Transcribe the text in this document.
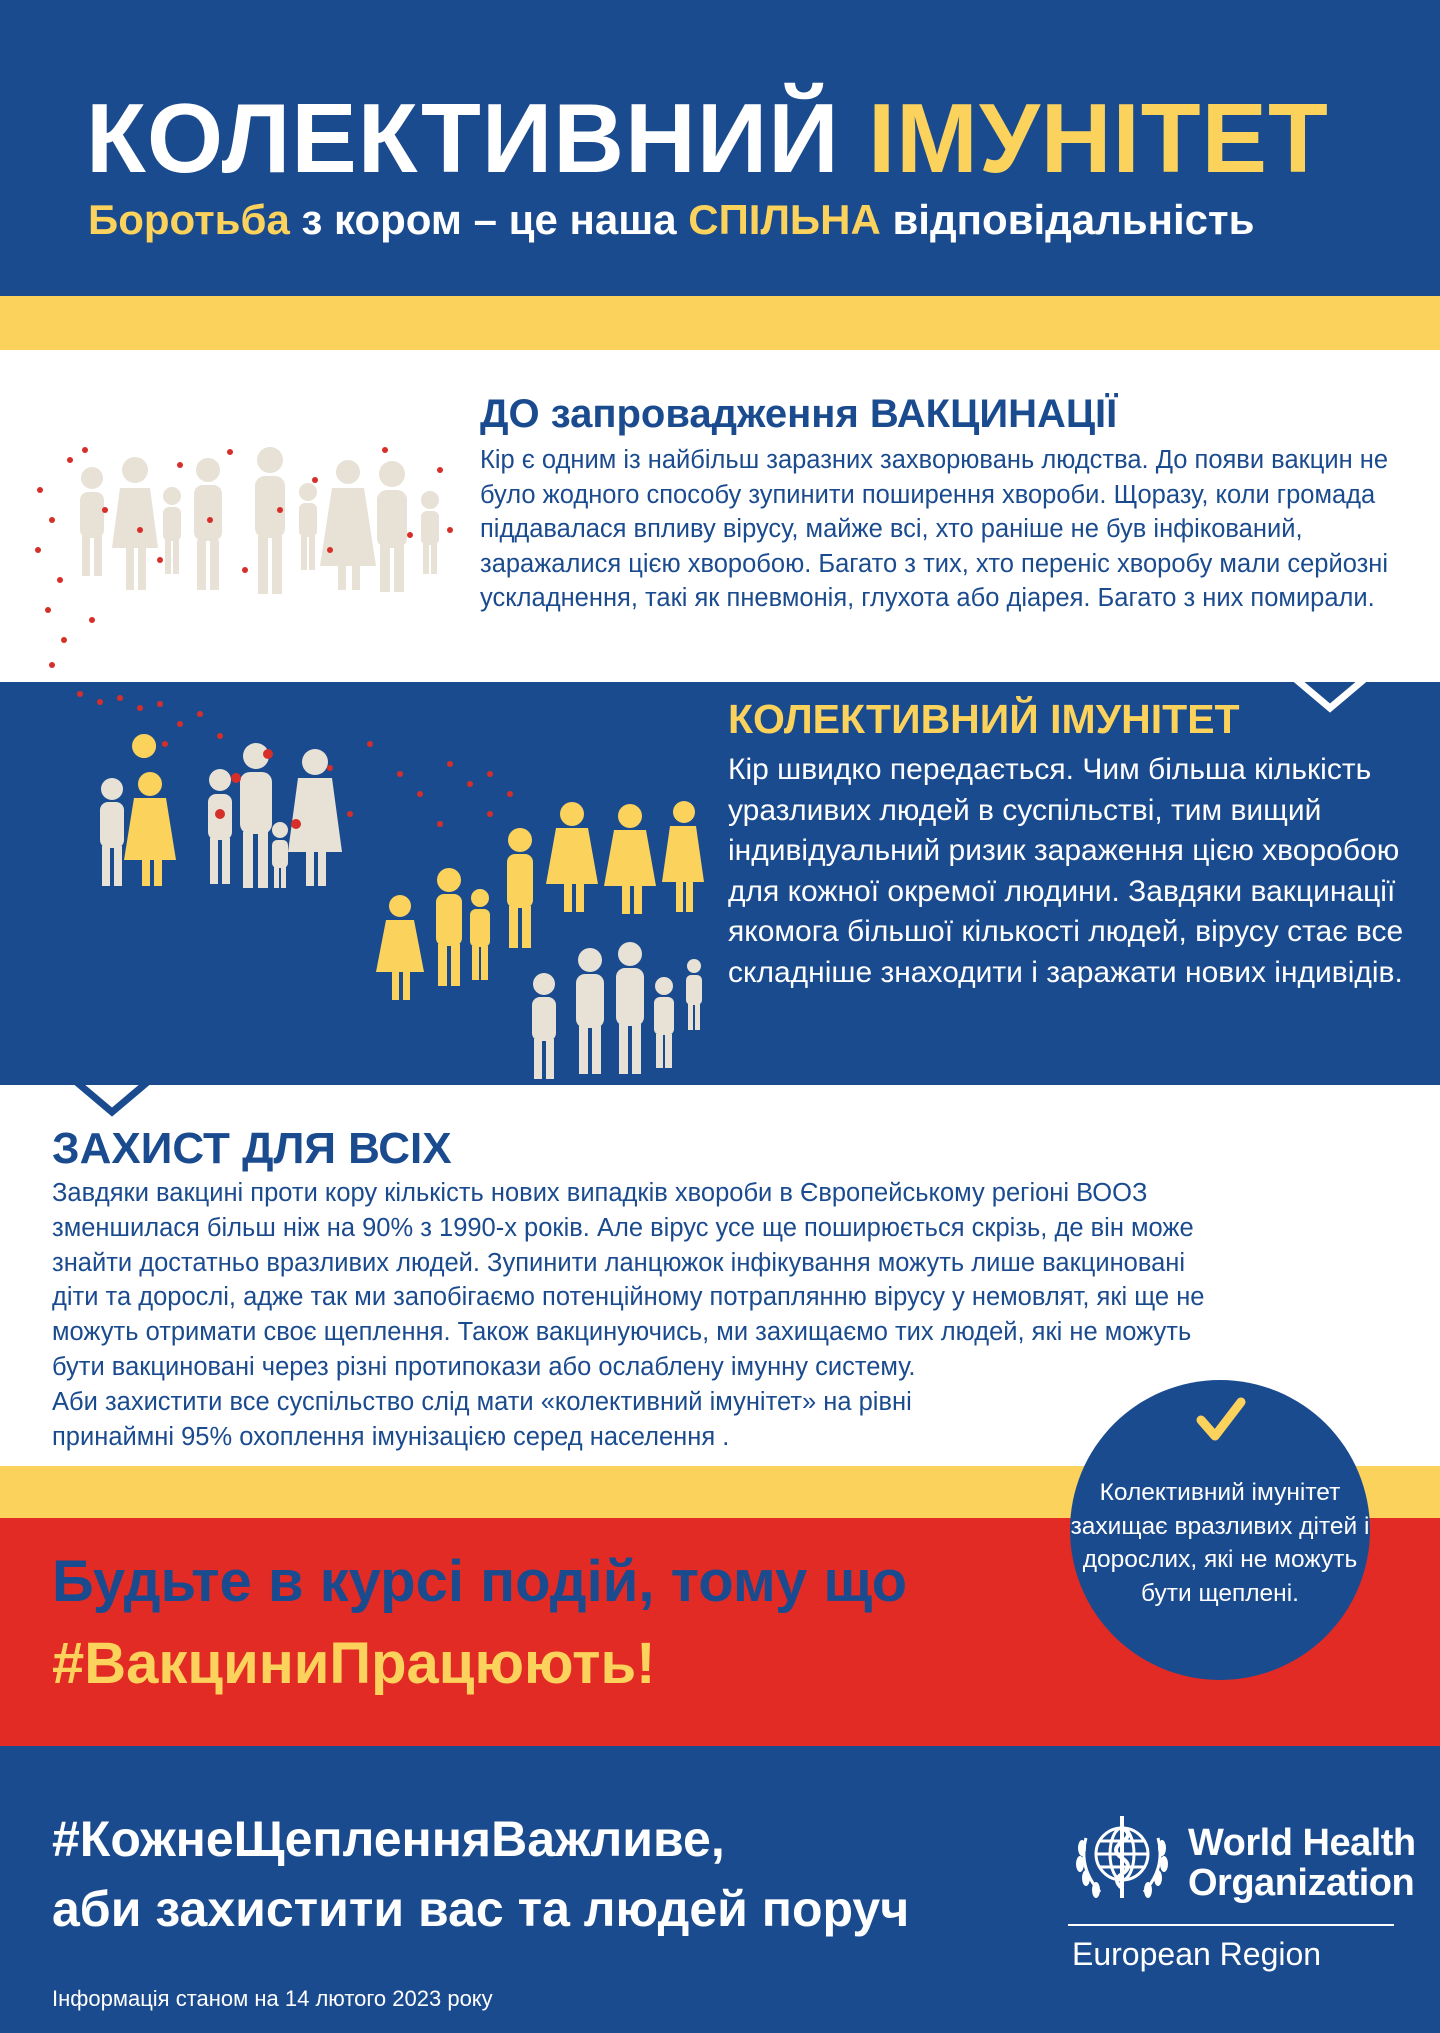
КОЛЕКТИВНИЙ ІМУНІТЕТ
Боротьба з кором – це наша СПІЛЬНА відповідальність
ДО запровадження ВАКЦИНАЦІЇ
Кір є одним із найбільш заразних захворювань людства. До появи вакцин не було жодного способу зупинити поширення хвороби. Щоразу, коли громада піддавалася впливу вірусу, майже всі, хто раніше не був інфікований, заражалися цією хворобою. Багато з тих, хто переніс хворобу мали серйозні ускладнення, такі як пневмонія, глухота або діарея. Багато з них помирали.
КОЛЕКТИВНИЙ ІМУНІТЕТ
Кір швидко передається. Чим більша кількість уразливих людей в суспільстві, тим вищий індивідуальний ризик зараження цією хворобою для кожної окремої людини. Завдяки вакцинації якомога більшої кількості людей, вірусу стає все складніше знаходити і заражати нових індивідів.
ЗАХИСТ ДЛЯ ВСІХ
Завдяки вакцині проти кору кількість нових випадків хвороби в Європейському регіоні ВООЗ
зменшилася більш ніж на 90% з 1990-х років. Але вірус усе ще поширюється скрізь, де він може
знайти достатньо вразливих людей. Зупинити ланцюжок інфікування можуть лише вакциновані
діти та дорослі, адже так ми запобігаємо потенційному потраплянню вірусу у немовлят, які ще не
можуть отримати своє щеплення. Також вакцинуючись, ми захищаємо тих людей, які не можуть
бути вакциновані через різні протипокази або ослаблену імунну систему.
Аби захистити все суспільство слід мати «колективний імунітет» на рівні
принаймні 95% охоплення імунізацією серед населення .
Будьте в курсі подій, тому що
#ВакциниПрацюють!
Колективний імунітет захищає вразливих дітей і дорослих, які не можуть бути щеплені.
#КожнеЩепленняВажливе,
аби захистити вас та людей поруч
Інформація станом на 14 лютого 2023 року
World Health
Organization
European Region
